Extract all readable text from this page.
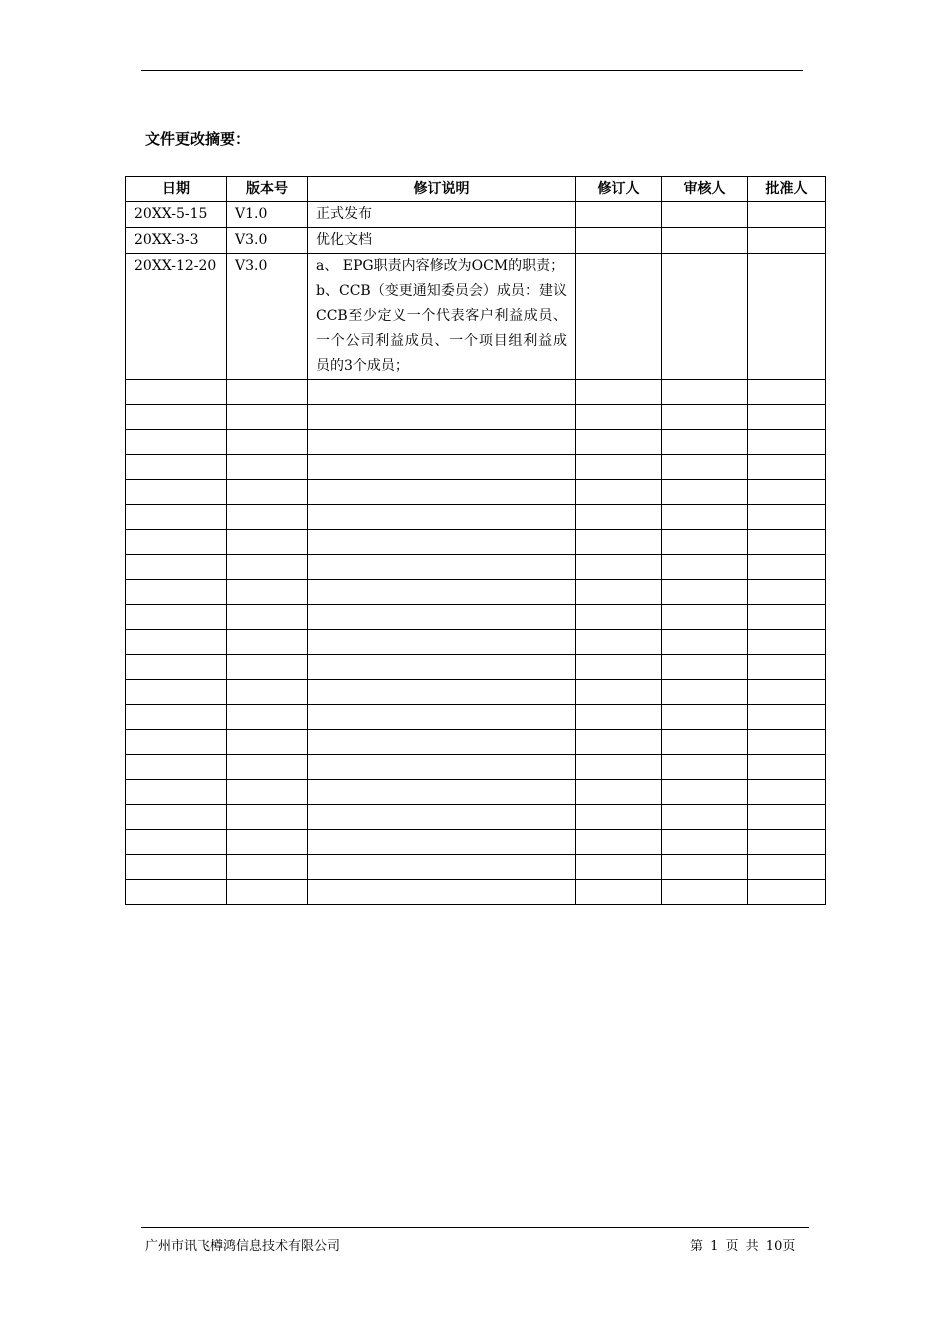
文件更改摘要：
日期	版本号	修订说明	修订人	审核人	批准人
20XX-5-15	V1.0	正式发布			

20XX-3-3	V3.0	优化文档			

20XX-12-20	V3.0	a、 EPG职责内容修改为OCM的职责；
b、CCB（变更通知委员会）成员：建议CCB至少定义一个代表客户利益成员、一个公司利益成员、一个项目组利益成员的3个成员；			

广州市讯飞樽鸿信息技术有限公司	第 1 页 共 10页
